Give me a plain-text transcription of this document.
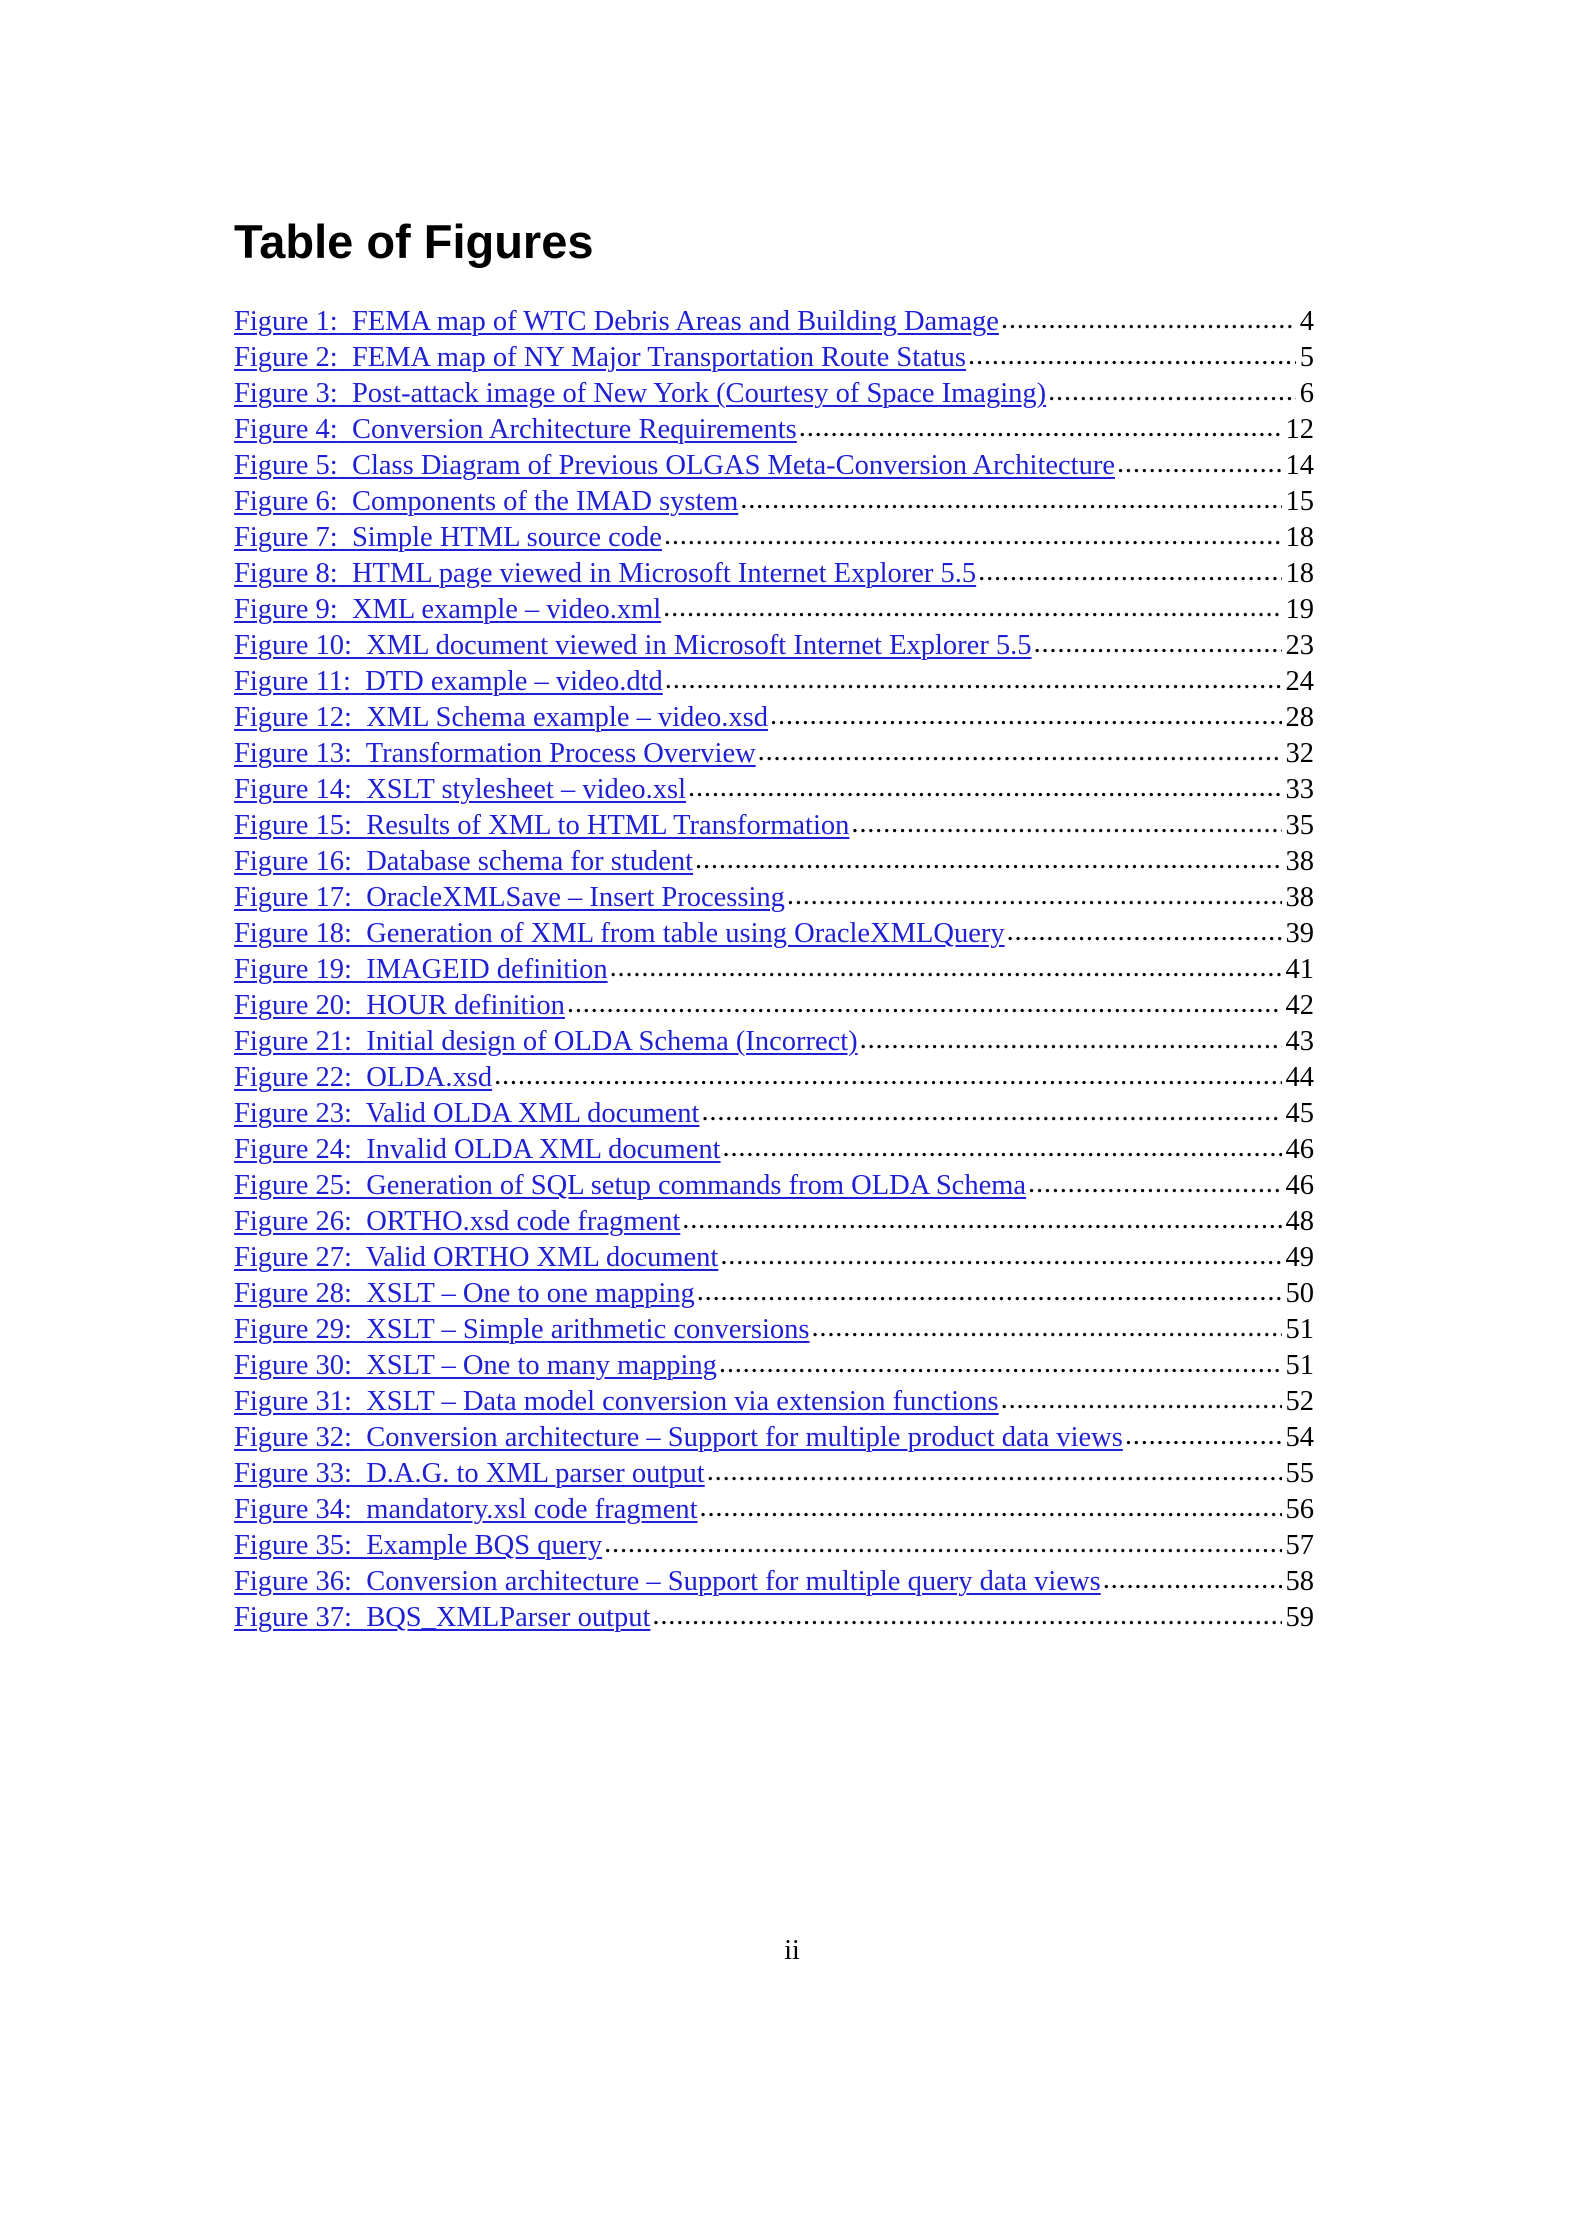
Table of Figures
Figure 1: FEMA map of WTC Debris Areas and Building Damage .....	4
Figure 2: FEMA map of NY Major Transportation Route Status .....	5
Figure 3: Post-attack image of New York (Courtesy of Space Imaging) .....	6
Figure 4: Conversion Architecture Requirements .....	12
Figure 5: Class Diagram of Previous OLGAS Meta-Conversion Architecture .....	14
Figure 6: Components of the IMAD system .....	15
Figure 7: Simple HTML source code .....	18
Figure 8: HTML page viewed in Microsoft Internet Explorer 5.5 .....	18
Figure 9: XML example – video.xml .....	19
Figure 10: XML document viewed in Microsoft Internet Explorer 5.5 .....	23
Figure 11: DTD example – video.dtd .....	24
Figure 12: XML Schema example – video.xsd .....	28
Figure 13: Transformation Process Overview .....	32
Figure 14: XSLT stylesheet – video.xsl .....	33
Figure 15: Results of XML to HTML Transformation .....	35
Figure 16: Database schema for student .....	38
Figure 17: OracleXMLSave – Insert Processing .....	38
Figure 18: Generation of XML from table using OracleXMLQuery .....	39
Figure 19: IMAGEID definition .....	41
Figure 20: HOUR definition .....	42
Figure 21: Initial design of OLDA Schema (Incorrect) .....	43
Figure 22: OLDA.xsd .....	44
Figure 23: Valid OLDA XML document .....	45
Figure 24: Invalid OLDA XML document .....	46
Figure 25: Generation of SQL setup commands from OLDA Schema .....	46
Figure 26: ORTHO.xsd code fragment .....	48
Figure 27: Valid ORTHO XML document .....	49
Figure 28: XSLT – One to one mapping .....	50
Figure 29: XSLT – Simple arithmetic conversions .....	51
Figure 30: XSLT – One to many mapping .....	51
Figure 31: XSLT – Data model conversion via extension functions .....	52
Figure 32: Conversion architecture – Support for multiple product data views .....	54
Figure 33: D.A.G. to XML parser output .....	55
Figure 34: mandatory.xsl code fragment .....	56
Figure 35: Example BQS query .....	57
Figure 36: Conversion architecture – Support for multiple query data views .....	58
Figure 37: BQS_XMLParser output .....	59
ii
